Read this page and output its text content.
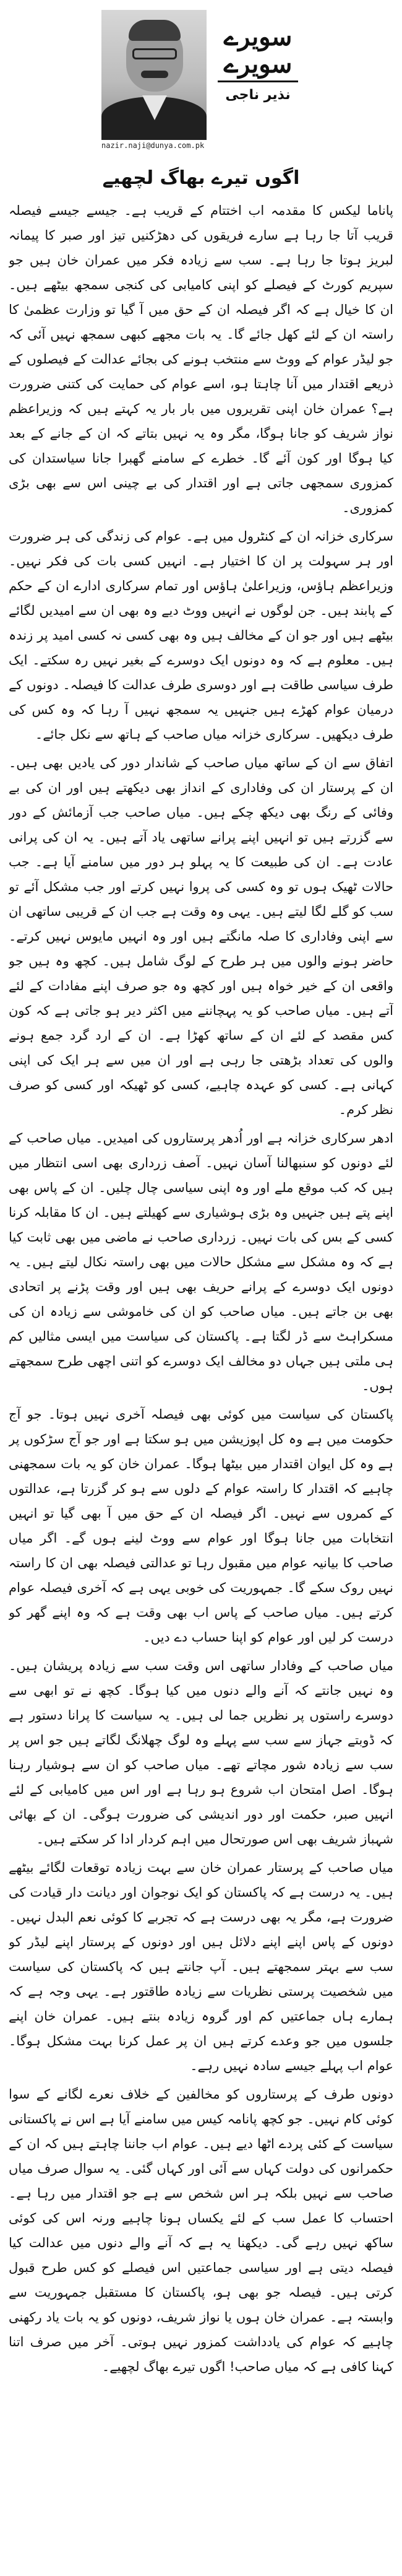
سویرے سویرے
نذیر ناجی
nazir.naji@dunya.com.pk
اگوں تیرے بھاگ لچھیے

پاناما لیکس کا مقدمہ اب اختتام کے قریب ہے۔ جیسے جیسے فیصلہ قریب آتا جا رہا ہے سارے فریقوں کی دھڑکنیں تیز اور صبر کا پیمانہ لبریز ہوتا جا رہا ہے۔ سب سے زیادہ فکر میں عمران خان ہیں جو سپریم کورٹ کے فیصلے کو اپنی کامیابی کی کنجی سمجھ بیٹھے ہیں۔ ان کا خیال ہے کہ اگر فیصلہ ان کے حق میں آ گیا تو وزارت عظمیٰ کا راستہ ان کے لئے کھل جائے گا۔ یہ بات مجھے کبھی سمجھ نہیں آئی کہ جو لیڈر عوام کے ووٹ سے منتخب ہونے کی بجائے عدالت کے فیصلوں کے ذریعے اقتدار میں آنا چاہتا ہو، اسے عوام کی حمایت کی کتنی ضرورت ہے؟ عمران خان اپنی تقریروں میں بار بار یہ کہتے ہیں کہ وزیراعظم نواز شریف کو جانا ہوگا، مگر وہ یہ نہیں بتاتے کہ ان کے جانے کے بعد کیا ہوگا اور کون آئے گا۔ خطرے کے سامنے گھبرا جانا سیاستدان کی کمزوری سمجھی جاتی ہے اور اقتدار کی بے چینی اس سے بھی بڑی کمزوری۔

سرکاری خزانہ ان کے کنٹرول میں ہے۔ عوام کی زندگی کی ہر ضرورت اور ہر سہولت پر ان کا اختیار ہے۔ انہیں کسی بات کی فکر نہیں۔ وزیراعظم ہاؤس، وزیراعلیٰ ہاؤس اور تمام سرکاری ادارے ان کے حکم کے پابند ہیں۔ جن لوگوں نے انہیں ووٹ دیے وہ بھی ان سے امیدیں لگائے بیٹھے ہیں اور جو ان کے مخالف ہیں وہ بھی کسی نہ کسی امید پر زندہ ہیں۔ معلوم ہے کہ وہ دونوں ایک دوسرے کے بغیر نہیں رہ سکتے۔ ایک طرف سیاسی طاقت ہے اور دوسری طرف عدالت کا فیصلہ۔ دونوں کے درمیان عوام کھڑے ہیں جنہیں یہ سمجھ نہیں آ رہا کہ وہ کس کی طرف دیکھیں۔ سرکاری خزانہ میاں صاحب کے ہاتھ سے نکل جائے۔

اتفاق سے ان کے ساتھ میاں صاحب کے شاندار دور کی یادیں بھی ہیں۔ ان کے پرستار ان کی وفاداری کے انداز بھی دیکھتے ہیں اور ان کی بے وفائی کے رنگ بھی دیکھ چکے ہیں۔ میاں صاحب جب آزمائش کے دور سے گزرتے ہیں تو انہیں اپنے پرانے ساتھی یاد آتے ہیں۔ یہ ان کی پرانی عادت ہے۔ ان کی طبیعت کا یہ پہلو ہر دور میں سامنے آیا ہے۔ جب حالات ٹھیک ہوں تو وہ کسی کی پروا نہیں کرتے اور جب مشکل آئے تو سب کو گلے لگا لیتے ہیں۔ یہی وہ وقت ہے جب ان کے قریبی ساتھی ان سے اپنی وفاداری کا صلہ مانگتے ہیں اور وہ انہیں مایوس نہیں کرتے۔ حاضر ہونے والوں میں ہر طرح کے لوگ شامل ہیں۔ کچھ وہ ہیں جو واقعی ان کے خیر خواہ ہیں اور کچھ وہ جو صرف اپنے مفادات کے لئے آتے ہیں۔ میاں صاحب کو یہ پہچاننے میں اکثر دیر ہو جاتی ہے کہ کون کس مقصد کے لئے ان کے ساتھ کھڑا ہے۔ ان کے ارد گرد جمع ہونے والوں کی تعداد بڑھتی جا رہی ہے اور ان میں سے ہر ایک کی اپنی کہانی ہے۔ کسی کو عہدہ چاہیے، کسی کو ٹھیکہ اور کسی کو صرف نظر کرم۔

ادھر سرکاری خزانہ ہے اور اُدھر پرستاروں کی امیدیں۔ میاں صاحب کے لئے دونوں کو سنبھالنا آسان نہیں۔ آصف زرداری بھی اسی انتظار میں ہیں کہ کب موقع ملے اور وہ اپنی سیاسی چال چلیں۔ ان کے پاس بھی اپنے پتے ہیں جنہیں وہ بڑی ہوشیاری سے کھیلتے ہیں۔ ان کا مقابلہ کرنا کسی کے بس کی بات نہیں۔ زرداری صاحب نے ماضی میں بھی ثابت کیا ہے کہ وہ مشکل سے مشکل حالات میں بھی راستہ نکال لیتے ہیں۔ یہ دونوں ایک دوسرے کے پرانے حریف بھی ہیں اور وقت پڑنے پر اتحادی بھی بن جاتے ہیں۔ میاں صاحب کو ان کی خاموشی سے زیادہ ان کی مسکراہٹ سے ڈر لگتا ہے۔ پاکستان کی سیاست میں ایسی مثالیں کم ہی ملتی ہیں جہاں دو مخالف ایک دوسرے کو اتنی اچھی طرح سمجھتے ہوں۔

پاکستان کی سیاست میں کوئی بھی فیصلہ آخری نہیں ہوتا۔ جو آج حکومت میں ہے وہ کل اپوزیشن میں ہو سکتا ہے اور جو آج سڑکوں پر ہے وہ کل ایوان اقتدار میں بیٹھا ہوگا۔ عمران خان کو یہ بات سمجھنی چاہیے کہ اقتدار کا راستہ عوام کے دلوں سے ہو کر گزرتا ہے، عدالتوں کے کمروں سے نہیں۔ اگر فیصلہ ان کے حق میں آ بھی گیا تو انہیں انتخابات میں جانا ہوگا اور عوام سے ووٹ لینے ہوں گے۔ اگر میاں صاحب کا بیانیہ عوام میں مقبول رہا تو عدالتی فیصلہ بھی ان کا راستہ نہیں روک سکے گا۔ جمہوریت کی خوبی یہی ہے کہ آخری فیصلہ عوام کرتے ہیں۔ میاں صاحب کے پاس اب بھی وقت ہے کہ وہ اپنے گھر کو درست کر لیں اور عوام کو اپنا حساب دے دیں۔

میاں صاحب کے وفادار ساتھی اس وقت سب سے زیادہ پریشان ہیں۔ وہ نہیں جانتے کہ آنے والے دنوں میں کیا ہوگا۔ کچھ نے تو ابھی سے دوسرے راستوں پر نظریں جما لی ہیں۔ یہ سیاست کا پرانا دستور ہے کہ ڈوبتے جہاز سے سب سے پہلے وہ لوگ چھلانگ لگاتے ہیں جو اس پر سب سے زیادہ شور مچاتے تھے۔ میاں صاحب کو ان سے ہوشیار رہنا ہوگا۔ اصل امتحان اب شروع ہو رہا ہے اور اس میں کامیابی کے لئے انہیں صبر، حکمت اور دور اندیشی کی ضرورت ہوگی۔ ان کے بھائی شہباز شریف بھی اس صورتحال میں اہم کردار ادا کر سکتے ہیں۔

میاں صاحب کے پرستار عمران خان سے بہت زیادہ توقعات لگائے بیٹھے ہیں۔ یہ درست ہے کہ پاکستان کو ایک نوجوان اور دیانت دار قیادت کی ضرورت ہے، مگر یہ بھی درست ہے کہ تجربے کا کوئی نعم البدل نہیں۔ دونوں کے پاس اپنے اپنے دلائل ہیں اور دونوں کے پرستار اپنے لیڈر کو سب سے بہتر سمجھتے ہیں۔ آپ جانتے ہیں کہ پاکستان کی سیاست میں شخصیت پرستی نظریات سے زیادہ طاقتور ہے۔ یہی وجہ ہے کہ ہمارے ہاں جماعتیں کم اور گروہ زیادہ بنتے ہیں۔ عمران خان اپنے جلسوں میں جو وعدے کرتے ہیں ان پر عمل کرنا بہت مشکل ہوگا۔ عوام اب پہلے جیسے سادہ نہیں رہے۔

دونوں طرف کے پرستاروں کو مخالفین کے خلاف نعرے لگانے کے سوا کوئی کام نہیں۔ جو کچھ پانامہ کیس میں سامنے آیا ہے اس نے پاکستانی سیاست کے کئی پردے اٹھا دیے ہیں۔ عوام اب جاننا چاہتے ہیں کہ ان کے حکمرانوں کی دولت کہاں سے آئی اور کہاں گئی۔ یہ سوال صرف میاں صاحب سے نہیں بلکہ ہر اس شخص سے ہے جو اقتدار میں رہا ہے۔ احتساب کا عمل سب کے لئے یکساں ہونا چاہیے ورنہ اس کی کوئی ساکھ نہیں رہے گی۔ دیکھنا یہ ہے کہ آنے والے دنوں میں عدالت کیا فیصلہ دیتی ہے اور سیاسی جماعتیں اس فیصلے کو کس طرح قبول کرتی ہیں۔ فیصلہ جو بھی ہو، پاکستان کا مستقبل جمہوریت سے وابستہ ہے۔ عمران خان ہوں یا نواز شریف، دونوں کو یہ بات یاد رکھنی چاہیے کہ عوام کی یادداشت کمزور نہیں ہوتی۔ آخر میں صرف اتنا کہنا کافی ہے کہ میاں صاحب! اگوں تیرے بھاگ لچھیے۔
